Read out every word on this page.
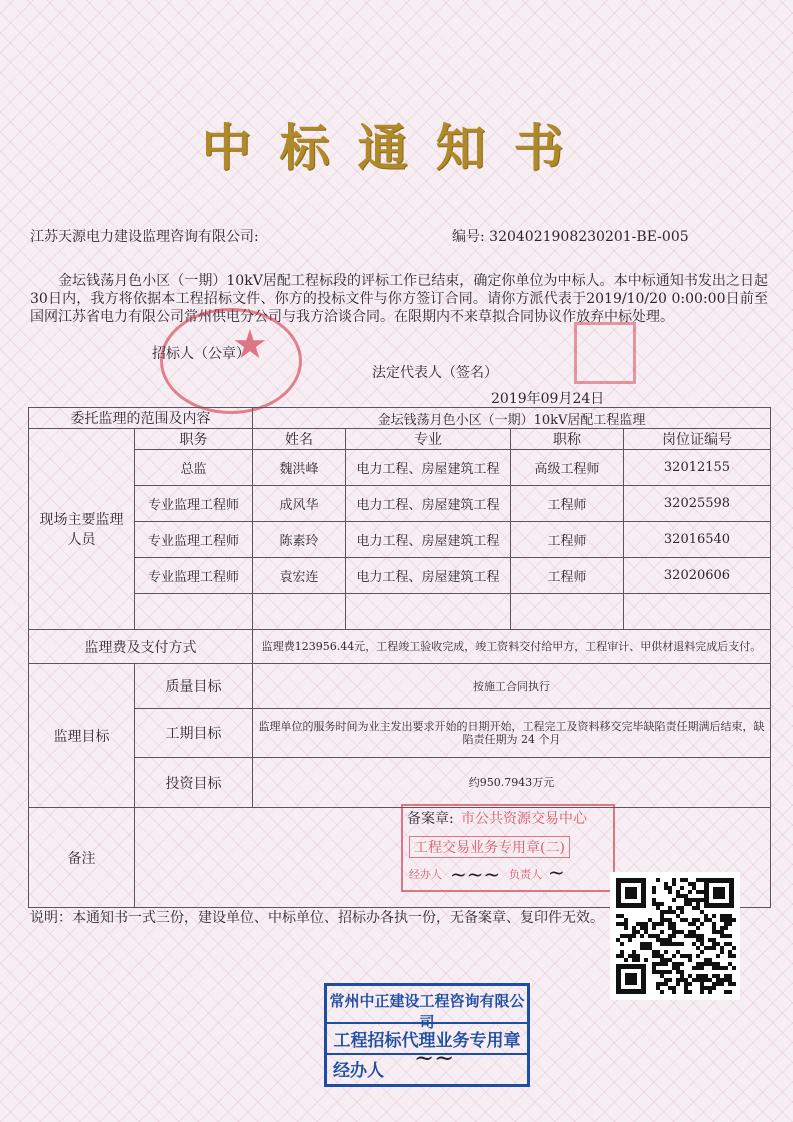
中标通知书
江苏天源电力建设监理咨询有限公司:	编号: 3204021908230201-BE-005
金坛钱荡月色小区（一期）10kV居配工程标段的评标工作已结束，确定你单位为中标人。本中标通知书发出之日起30日内，我方将依据本工程招标文件、你方的投标文件与你方签订合同。请你方派代表于2019/10/20 0:00:00日前至国网江苏省电力有限公司常州供电分公司与我方洽谈合同。在限期内不来草拟合同协议作放弃中标处理。
★
招标人（公章）
法定代表人（签名）
2019年09月24日
委托监理的范围及内容		金坛钱荡月色小区（一期）10kV居配工程监理			
现场主要监理人员	职务	姓名	专业	职称	岗位证编号
	总监	魏洪峰	电力工程、房屋建筑工程	高级工程师	32012155
	专业监理工程师	成风华	电力工程、房屋建筑工程	工程师	32025598
	专业监理工程师	陈素玲	电力工程、房屋建筑工程	工程师	32016540
	专业监理工程师	袁宏连	电力工程、房屋建筑工程	工程师	32020606

监理费及支付方式		监理费123956.44元，工程竣工验收完成，竣工资料交付给甲方，工程审计、甲供材退料完成后支付。			
监理目标	质量目标	按施工合同执行			
	工期目标	监理单位的服务时间为业主发出要求开始的日期开始，工程完工及资料移交完毕缺陷责任期满后结束，缺陷责任期为 24 个月			
	投资目标	约950.7943万元			
备注					
备案章: 市公共资源交易中心
工程交易业务专用章(二)
经办人	负责人
~~~ ~
说明：本通知书一式三份，建设单位、中标单位、招标办各执一份，无备案章、复印件无效。
常州中正建设工程咨询有限公司
工程招标代理业务专用章
经办人 ~~
